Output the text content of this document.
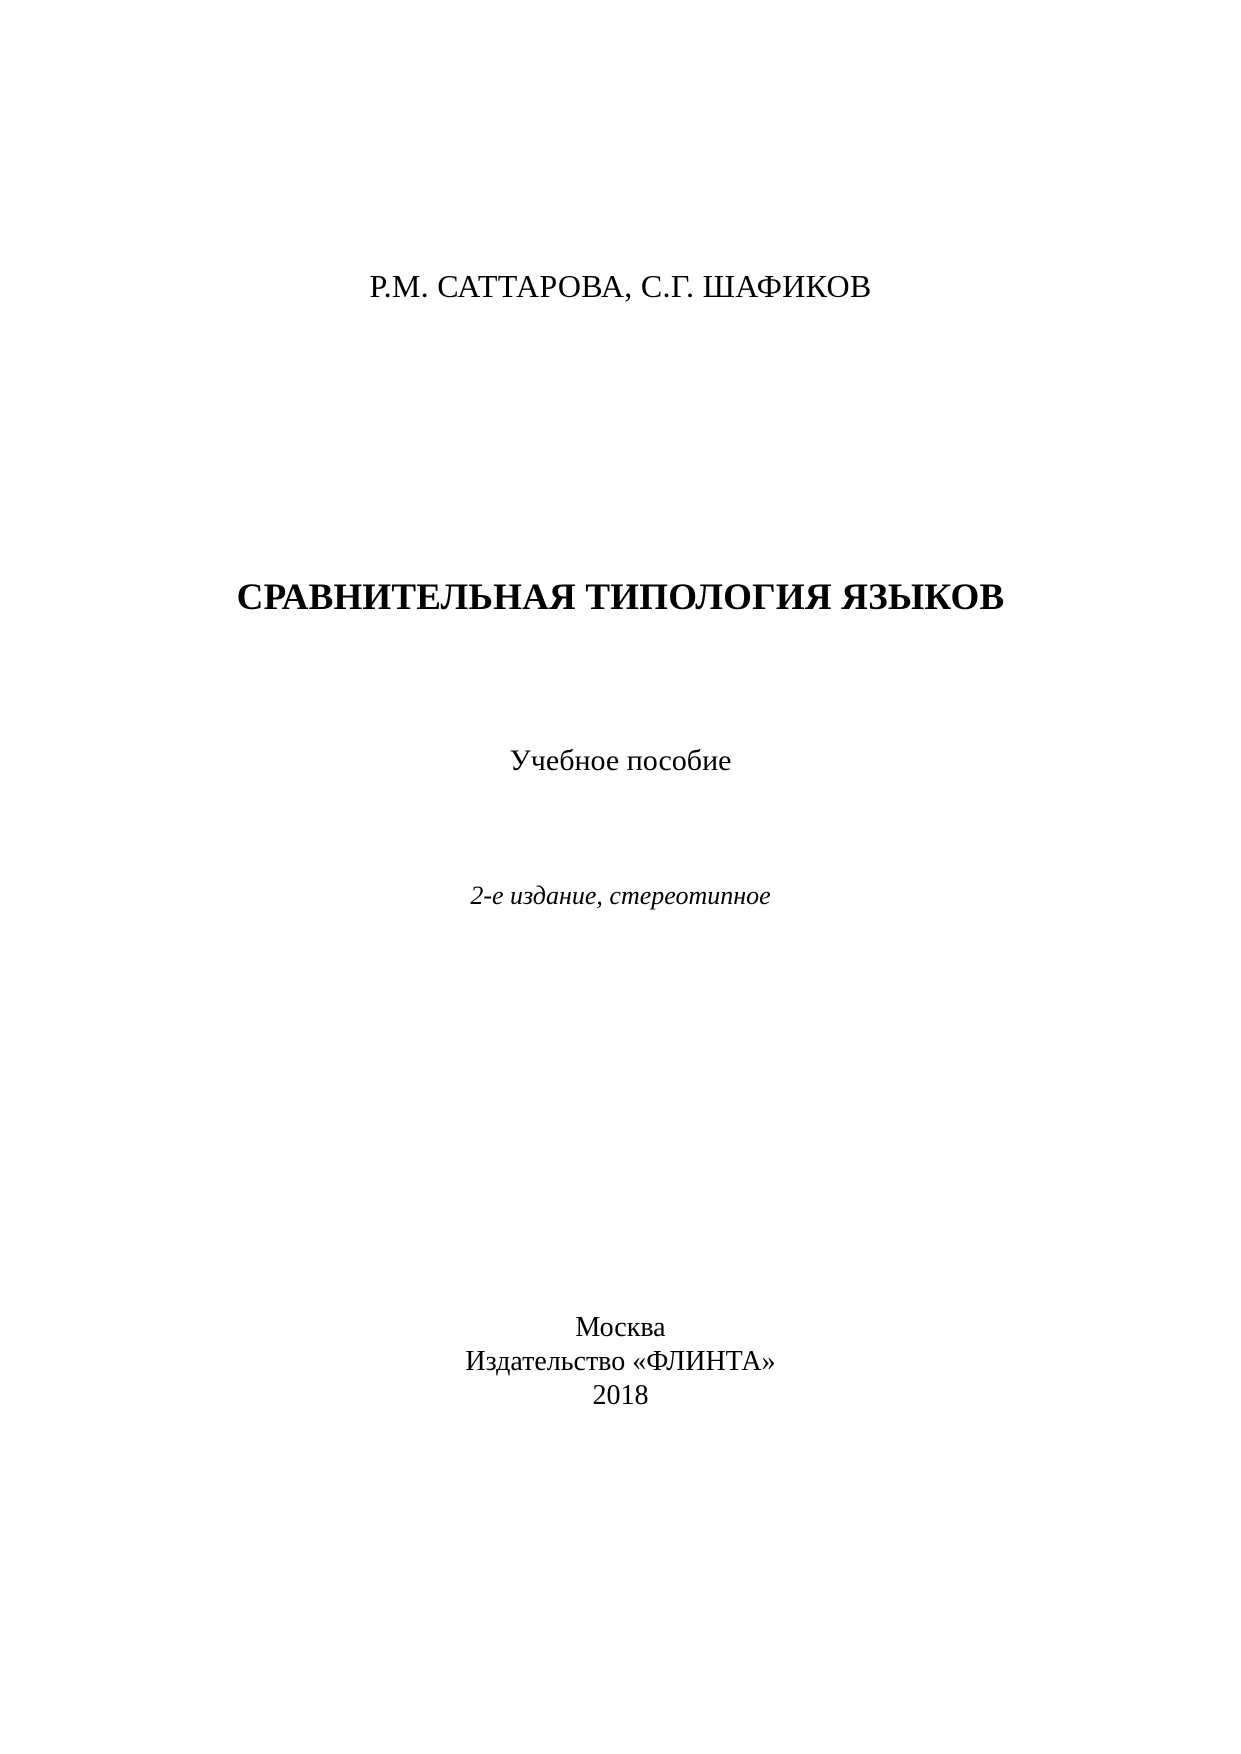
Р.М. САТТАРОВА, С.Г. ШАФИКОВ
СРАВНИТЕЛЬНАЯ ТИПОЛОГИЯ ЯЗЫКОВ
Учебное пособие
2-е издание, стереотипное
Москва
Издательство «ФЛИНТА»
2018
